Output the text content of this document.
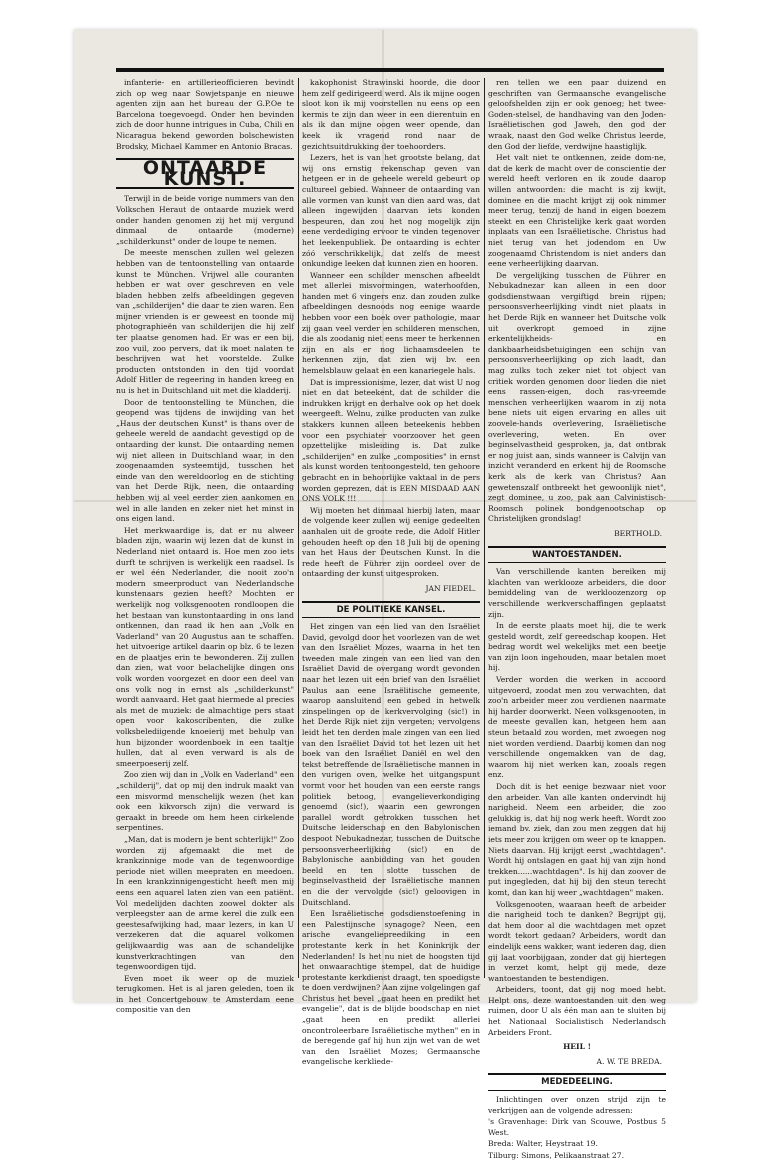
infanterie- en artillerieofficieren bevindt zich op weg naar Sowjetspanje en nieuwe agenten zijn aan het bureau der G.P.Oe te Barcelona toegevoegd. Onder hen bevinden zich de door hunne intrigues in Cuba, Chili en Nicaragua bekend geworden bolschewisten Brodsky, Michael Kammer en Antonio Bracas.

ONTAARDE KUNST.

Terwijl in de beide vorige nummers van den Volkschen Heraut de ontaarde muziek werd onder handen genomen zij het mij vergund dinmaal de ontaarde (moderne) „schilderkunst" onder de loupe te nemen.

De meeste menschen zullen wel gelezen hebben van de tentoonstelling van ontaarde kunst te München. Vrijwel alle couranten hebben er wat over geschreven en vele bladen hebben zelfs afbeeldingen gegeven van „schilderijen" die daar te zien waren. Een mijner vrienden is er geweest en toonde mij photographieën van schilderijen die hij zelf ter plaatse genomen had. Er was er een bij, zoo vuil, zoo pervers, dat ik moet nalaten te beschrijven wat het voorstelde. Zulke producten ontstonden in den tijd voordat Adolf Hitler de regeering in handen kreeg en nu is het in Duitschland uit met die kladderij.

Door de tentoonstelling te München, die geopend was tijdens de inwijding van het „Haus der deutschen Kunst" is thans over de geheele wereld de aandacht gevestigd op de ontaarding der kunst. Die ontaarding nemen wij niet alleen in Duitschland waar, in den zoogenaamden systeemtijd, tusschen het einde van den wereldoorlog en de stichting van het Derde Rijk, neen, die ontaarding hebben wij al veel eerder zien aankomen en wel in alle landen en zeker niet het minst in ons eigen land.

Het merkwaardige is, dat er nu alweer bladen zijn, waarin wij lezen dat de kunst in Nederland niet ontaard is. Hoe men zoo iets durft te schrijven is werkelijk een raadsel. Is er wel één Nederlander, die nooit zoo'n modern smeerproduct van Nederlandsche kunstenaars gezien heeft? Mochten er werkelijk nog volksgenooten rondloopen die het bestaan van kunstontaarding in ons land ontkennen, dan raad ik hen aan „Volk en Vaderland" van 20 Augustus aan te schaffen. het uitvoerige artikel daarin op blz. 6 te lezen en de plaatjes erin te bewonderen. Zij zullen dan zien, wat voor belachelijke dingen ons volk worden voorgezet en door een deel van ons volk nog in ernst als „schilderkunst" wordt aanvaard. Het gaat hiermede al precies als met de muziek: de almachtige pers staat open voor kakoscribenten, die zulke volksbelediigende knoeierij met behulp van hun bijzonder woordenboek in een taaltje hullen, dat al even verward is als de smeerpoeserij zelf.

Zoo zien wij dan in „Volk en Vaderland" een „schilderij", dat op mij den indruk maakt van een misvormd menschelijk wezen (het kan ook een kikvorsch zijn) die verward is geraakt in breede om hem heen cirkelende serpentines.

„Man, dat is modern je bent schterlijk!" Zoo worden zij afgemaakt die met de krankzinnige mode van de tegenwoordige periode niet willen meepraten en meedoen. In een krankzinnigengesticht heeft men mij eens een aquarel laten zien van een patiënt. Vol medelijden dachten zoowel dokter als verpleegster aan de arme kerel die zulk een geestesafwijking had, maar lezers, in kan U verzekeren dat die aquarel volkomen gelijkwaardig was aan de schandelijke kunstverkrachtingen van den tegenwoordigen tijd.

Even moet ik weer op de muziek terugkomen. Het is al jaren geleden, toen ik in het Concertgebouw te Amsterdam eene compositie van den

kakophonist Strawinski hoorde, die door hem zelf gedirigeerd werd. Als ik mijne oogen sloot kon ik mij voorstellen nu eens op een kermis te zijn dan weer in een dierentuin en als ik dan mijne oogen weer opende, dan keek ik vragend rond naar de gezichtsuitdrukking der toehoorders.

Lezers, het is van het grootste belang, dat wij ons ernstig rekenschap geven van hetgeen er in de geheele wereld gebeurt op cultureel gebied. Wanneer de ontaarding van alle vormen van kunst van dien aard was, dat alleen ingewijden daarvan iets konden bespeuren, dan zou het nog mogelijk zijn eene verdediging ervoor te vinden tegenover het leekenpubliek. De ontaarding is echter zóó verschrikkelijk, dat zelfs de meest onkundige leeken dat kunnen zien en hooren.

Wanneer een schilder menschen afbeeldt met allerlei misvormingen, waterhoofden, handen met 6 vingers enz. dan zouden zulke afbeeldingen desnoods nog eenige waarde hebben voor een boek over pathologie, maar zij gaan veel verder en schilderen menschen, die als zoodanig niet eens meer te herkennen zijn en als er nog lichaamsdeelen te herkennen zijn, dat zien wij bv. een hemelsblauw gelaat en een kanariegele hals.

Dat is impressionisme, lezer, dat wist U nog niet en dat beteekent, dat de schilder die indrukken krijgt en derhalve ook op het doek weergeeft. Welnu, zulke producten van zulke stakkers kunnen alleen beteekenis hebben voor een psychiater voorzoover het geen opzettelijke misleiding is. Dat zulke „schilderijen" en zulke „composities" in ernst als kunst worden tentoongesteld, ten gehoore gebracht en in behoorlijke vaktaal in de pers worden geprezen, dat is EEN MISDAAD AAN ONS VOLK !!!

Wij moeten het dinmaal hierbij laten, maar de volgende keer zullen wij eenige gedeelten aanhalen uit de groote rede, die Adolf Hitler gehouden heeft op den 18 Juli bij de opening van het Haus der Deutschen Kunst. In die rede heeft de Führer zijn oordeel over de ontaarding der kunst uitgesproken.

JAN FIEDEL.
DE POLITIEKE KANSEL.

Het zingen van een lied van den Israëliet David, gevolgd door het voorlezen van de wet van den Israëliet Mozes, waarna in het ten tweeden male zingen van een lied van den Israëliet David de overgang wordt gevonden naar het lezen uit een brief van den Israëliet Paulus aan eene Israëlitische gemeente, waarop aansluitend een gebed in hetwelk zinspelingen op de kerkvervolging (sic!) in het Derde Rijk niet zijn vergeten; vervolgens leidt het ten derden male zingen van een lied van den Israëliet David tot het lezen uit het boek van den Israëliet Daniël en wel den tekst betreffende de Israëlietische mannen in den vurigen oven, welke het uitgangspunt vormt voor het houden van een eerste rangs politiek betoog, evangelieverkondiging genoemd (sic!), waarin een gewrongen parallel wordt getrokken tusschen het Duitsche leiderschap en den Babylonischen despoot Nebukadnezar, tusschen de Duitsche persoonsverheerlijking (sic!) en de Babylonische aanbidding van het gouden beeld en ten slotte tusschen de beginselvastheid der Israëlietische mannen en die der vervolgde (sic!) geloovigen in Duitschland.

Een Israëlietische godsdienstoefening in een Palestijnsche synagoge? Neen, een arische evangeliepreediking in een protestante kerk in het Koninkrijk der Nederlanden! Is het nu niet de hoogsten tijd het onwaarachtige stempel, dat de huidige protestante kerkdienst draagt, ten spoedigste te doen verdwijnen? Aan zijne volgelingen gaf Christus het bevel „gaat heen en predikt het evangelie", dat is de blijde boodschap en niet „gaat heen en predikt allerlei oncontroleerbare Israëlietische mythen" en in de beregende gaf hij hun zijn wet van de wet van den Israëliet Mozes; Germaansche evangelische kerkliede-

ren tellen we een paar duizend en geschriften van Germaansche evangelische geloofshelden zijn er ook genoeg; het twee-Goden-stelsel, de handhaving van den Joden-Israëlietischen god Jaweh, den god der wraak, naast den God welke Christus leerde, den God der liefde, verdwijne haastiglijk.

Het valt niet te ontkennen, zeide dom-ne, dat de kerk de macht over de conscientie der wereld heeft verloren en ik zoude daarop willen antwoorden: die macht is zij kwijt, dominee en die macht krijgt zij ook nimmer meer terug, tenzij de hand in eigen boezem steekt en een Christelijke kerk gaat worden inplaats van een Israëlietische. Christus had niet terug van het jodendom en Uw zoogenaamd Christendom is niet anders dan eene verheerlijking daarvan.

De vergelijking tusschen de Führer en Nebukadnezar kan alleen in een door godsdienstwaan vergiftigd brein rijpen; persoonsverheerlijking vindt niet plaats in het Derde Rijk en wanneer het Duitsche volk uit overkropt gemoed in zijne erkentelijkheids- en dankbaarheidsbetuigingen een schijn van persoonsverheerlijking op zich laadt, dan mag zulks toch zeker niet tot object van critiek worden genomen door lieden die niet eens rassen-eigen, doch ras-vreemde menschen verheerlijken waarom in zij nota bene niets uit eigen ervaring en alles uit zoovele-hands overlevering, Israëlietische overlevering, weten. En over beginselvastheid gesproken, ja, dat ontbrak er nog juist aan, sinds wanneer is Calvijn van inzicht veranderd en erkent hij de Roomsche kerk als de kerk van Christus? Aan gewetenszalf ontbreekt het gewoonlijk niet", zegt dominee, u zoo, pak aan Calvinistisch-Roomsch polinek bondgenootschap op Christelijken grondslag!

BERTHOLD.
WANTOESTANDEN.

Van verschillende kanten bereiken mij klachten van werklooze arbeiders, die door bemiddeling van de werkloozenzorg op verschillende werkverschaffingen geplaatst zijn.

In de eerste plaats moet hij, die te werk gesteld wordt, zelf gereedschap koopen. Het bedrag wordt wel wekelijks met een beetje van zijn loon ingehouden, maar betalen moet hij.

Verder worden die werken in accoord uitgevoerd, zoodat men zou verwachten, dat zoo'n arbeider meer zou verdienen naarmate hij harder doorwerkt. Neen volksgenooten, in de meeste gevallen kan, hetgeen hem aan steun betaald zou worden, met zwoegen nog niet worden verdiend. Daarbij komen dan nog verschillende ongemakken van de dag, waarom hij niet werken kan, zooals regen enz.

Doch dit is het eenige bezwaar niet voor den arbeider. Van alle kanten ondervindt hij narigheid. Neem een arbeider, die zoo gelukkig is, dat hij nog werk heeft. Wordt zoo iemand bv. ziek, dan zou men zeggen dat hij iets meer zou krijgen om weer op te knappen. Niets daarvan. Hij krijgt eerst „wachtdagen". Wordt hij ontslagen en gaat hij van zijn hond trekken......wachtdagen". Is hij dan zoover de put ingegleden, dat hij bij den steun terecht komt, dan kan hij weer „wachtdagen" maken.

Volksgenooten, waaraan heeft de arbeider die narigheid toch te danken? Begrijpt gij, dat hem door al die wachtdagen met opzet wordt tekort gedaan? Arbeiders, wordt dan eindelijk eens wakker, want iederen dag, dien gij laat voorbijgaan, zonder dat gij hiertegen in verzet komt, helpt gij mede, deze wantoestanden te bestendigen.

Arbeiders, toont, dat gij nog moed hebt. Helpt ons, deze wantoestanden uit den weg ruimen, door U als één man aan te sluiten bij het Nationaal Socialistisch Nederlandsch Arbeiders Front.

HEIL !
A. W. TE BREDA.
MEDEDEELING.

Inlichtingen over onzen strijd zijn te verkrijgen aan de volgende adressen:

's Gravenhage: Dirk van Scouwe, Postbus 5 West.

Breda: Walter, Heystraat 19.

Tilburg: Simons, Pelikaanstraat 27.
